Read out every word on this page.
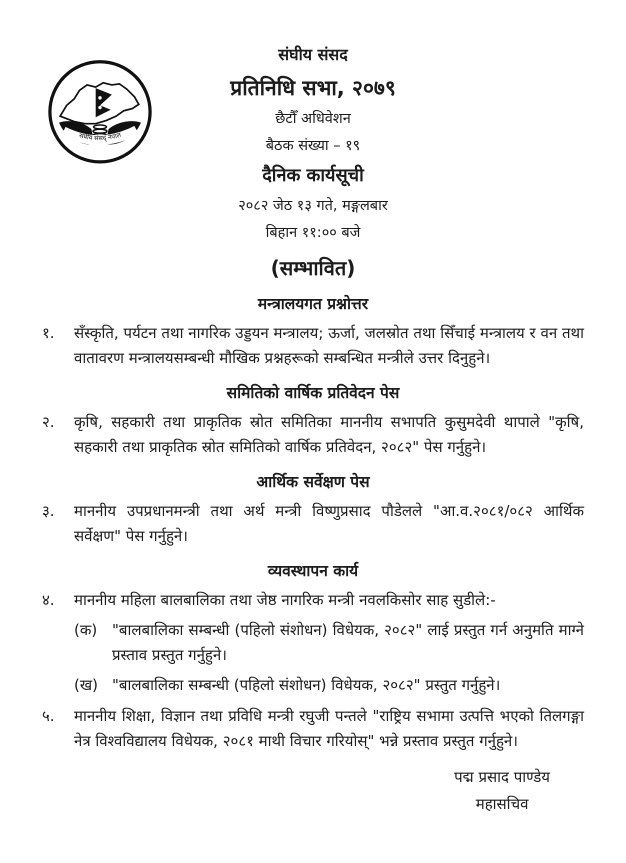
संघीय संसद् नेपाल
संघीय संसद
प्रतिनिधि सभा, २०७९
छैटौँ अधिवेशन
बैठक संख्या – १९
दैनिक कार्यसूची
२०८२ जेठ १३ गते, मङ्गलबार
बिहान ११:०० बजे
(सम्भावित)
मन्त्रालयगत प्रश्नोत्तर
१.	सँस्कृति, पर्यटन तथा नागरिक उड्डयन मन्त्रालय; ऊर्जा, जलस्रोत तथा सिँचाई मन्त्रालय र वन तथा वातावरण मन्त्रालयसम्बन्धी मौखिक प्रश्नहरूको सम्बन्धित मन्त्रीले उत्तर दिनुहुने।
समितिको वार्षिक प्रतिवेदन पेस
२.	कृषि, सहकारी तथा प्राकृतिक स्रोत समितिका माननीय सभापति कुसुमदेवी थापाले "कृषि, सहकारी तथा प्राकृतिक स्रोत समितिको वार्षिक प्रतिवेदन, २०८२" पेस गर्नुहुने।
आर्थिक सर्वेक्षण पेस
३.	माननीय उपप्रधानमन्त्री तथा अर्थ मन्त्री विष्णुप्रसाद पौडेलले "आ.व.२०८१/०८२ आर्थिक सर्वेक्षण" पेस गर्नुहुने।
व्यवस्थापन कार्य
४.	माननीय महिला बालबालिका तथा जेष्ठ नागरिक मन्त्री नवलकिसोर साह सुडीले:-
(क) "बालबालिका सम्बन्धी (पहिलो संशोधन) विधेयक, २०८२" लाई प्रस्तुत गर्न अनुमति माग्ने प्रस्ताव प्रस्तुत गर्नुहुने।
(ख) "बालबालिका सम्बन्धी (पहिलो संशोधन) विधेयक, २०८२" प्रस्तुत गर्नुहुने।
५.	माननीय शिक्षा, विज्ञान तथा प्रविधि मन्त्री रघुजी पन्तले "राष्ट्रिय सभामा उत्पत्ति भएको तिलगङ्गा नेत्र विश्वविद्यालय विधेयक, २०८१ माथी विचार गरियोस्" भन्ने प्रस्ताव प्रस्तुत गर्नुहुने।
पद्म प्रसाद पाण्डेय
महासचिव
